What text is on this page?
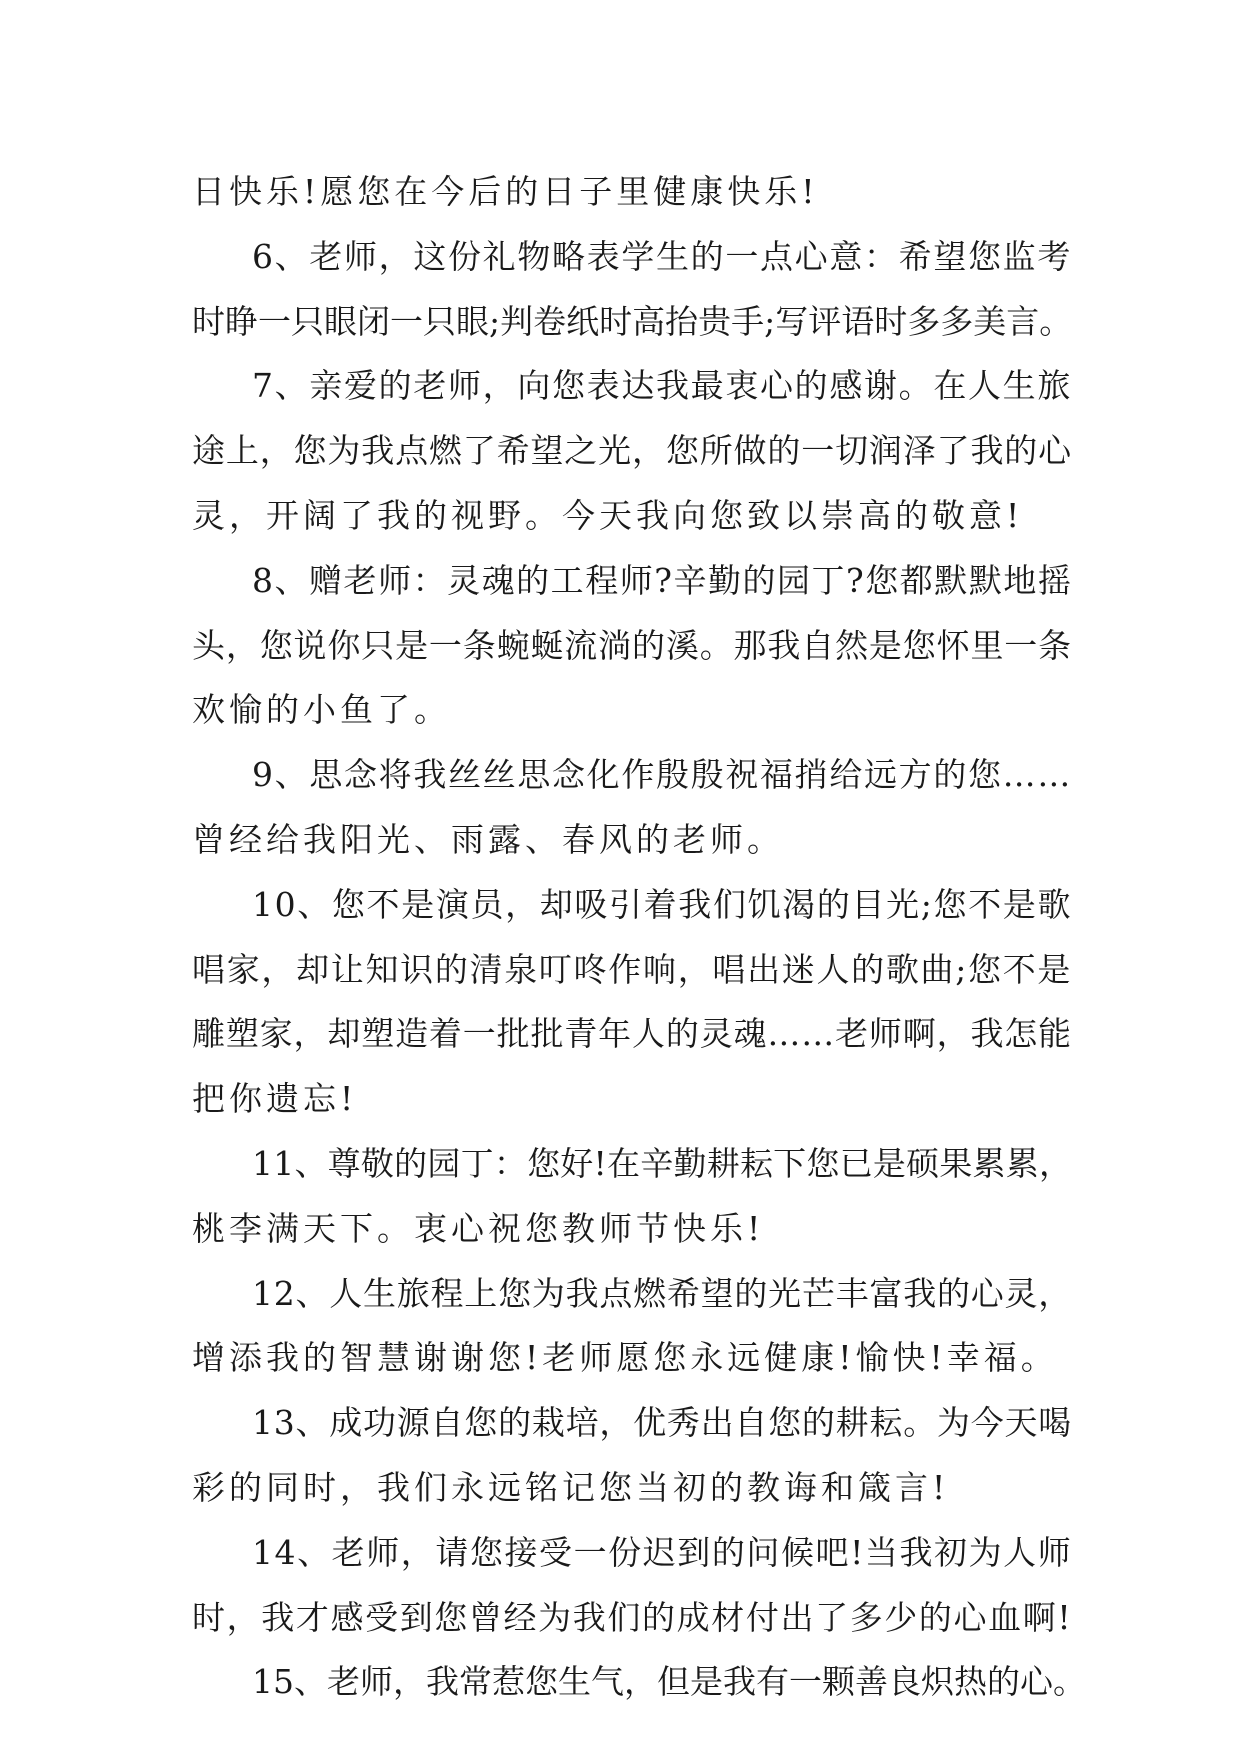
日快乐!愿您在今后的日子里健康快乐!
6、老师，这份礼物略表学生的一点心意：希望您监考
时睁一只眼闭一只眼;判卷纸时高抬贵手;写评语时多多美言。
7、亲爱的老师，向您表达我最衷心的感谢。在人生旅
途上，您为我点燃了希望之光，您所做的一切润泽了我的心
灵，开阔了我的视野。今天我向您致以崇高的敬意!
8、赠老师：灵魂的工程师?辛勤的园丁?您都默默地摇
头，您说你只是一条蜿蜒流淌的溪。那我自然是您怀里一条
欢愉的小鱼了。
9、思念将我丝丝思念化作殷殷祝福捎给远方的您……
曾经给我阳光、雨露、春风的老师。
10、您不是演员，却吸引着我们饥渴的目光;您不是歌
唱家，却让知识的清泉叮咚作响，唱出迷人的歌曲;您不是
雕塑家，却塑造着一批批青年人的灵魂……老师啊，我怎能
把你遗忘!
11、尊敬的园丁：您好!在辛勤耕耘下您已是硕果累累，
桃李满天下。衷心祝您教师节快乐!
12、人生旅程上您为我点燃希望的光芒丰富我的心灵，
增添我的智慧谢谢您!老师愿您永远健康!愉快!幸福。
13、成功源自您的栽培，优秀出自您的耕耘。为今天喝
彩的同时，我们永远铭记您当初的教诲和箴言!
14、老师，请您接受一份迟到的问候吧!当我初为人师
时，我才感受到您曾经为我们的成材付出了多少的心血啊!
15、老师，我常惹您生气，但是我有一颗善良炽热的心。
